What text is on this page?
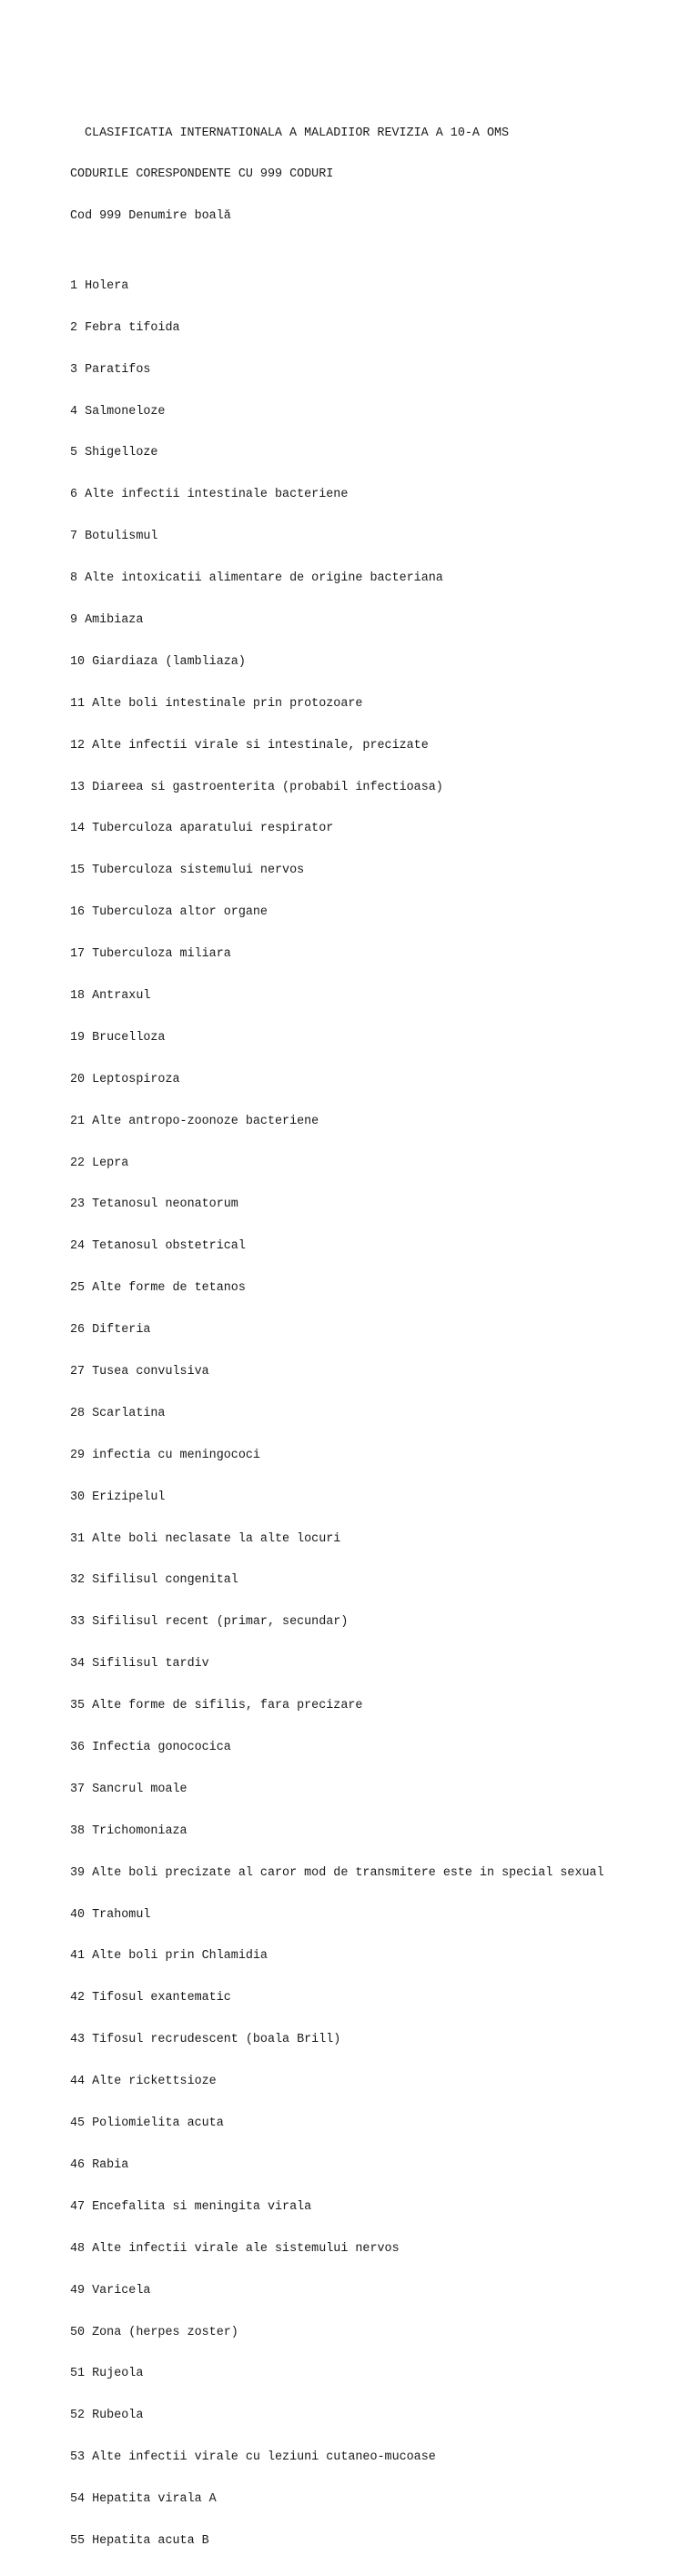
CLASIFICATIA INTERNATIONALA A MALADIIOR REVIZIA A 10-A OMS

CODURILE CORESPONDENTE CU 999 CODURI

Cod 999 Denumire boală

1 Holera

2 Febra tifoida

3 Paratifos

4 Salmoneloze

5 Shigelloze

6 Alte infectii intestinale bacteriene

7 Botulismul

8 Alte intoxicatii alimentare de origine bacteriana

9 Amibiaza

10 Giardiaza (lambliaza)

11 Alte boli intestinale prin protozoare

12 Alte infectii virale si intestinale, precizate

13 Diareea si gastroenterita (probabil infectioasa)

14 Tuberculoza aparatului respirator

15 Tuberculoza sistemului nervos

16 Tuberculoza altor organe

17 Tuberculoza miliara

18 Antraxul

19 Brucelloza

20 Leptospiroza

21 Alte antropo-zoonoze bacteriene

22 Lepra

23 Tetanosul neonatorum

24 Tetanosul obstetrical

25 Alte forme de tetanos

26 Difteria

27 Tusea convulsiva

28 Scarlatina

29 infectia cu meningococi

30 Erizipelul

31 Alte boli neclasate la alte locuri

32 Sifilisul congenital

33 Sifilisul recent (primar, secundar)

34 Sifilisul tardiv

35 Alte forme de sifilis, fara precizare

36 Infectia gonococica

37 Sancrul moale

38 Trichomoniaza

39 Alte boli precizate al caror mod de transmitere este in special sexual

40 Trahomul

41 Alte boli prin Chlamidia

42 Tifosul exantematic

43 Tifosul recrudescent (boala Brill)

44 Alte rickettsioze

45 Poliomielita acuta

46 Rabia

47 Encefalita si meningita virala

48 Alte infectii virale ale sistemului nervos

49 Varicela

50 Zona (herpes zoster)

51 Rujeola

52 Rubeola

53 Alte infectii virale cu leziuni cutaneo-mucoase

54 Hepatita virala A

55 Hepatita acuta B
